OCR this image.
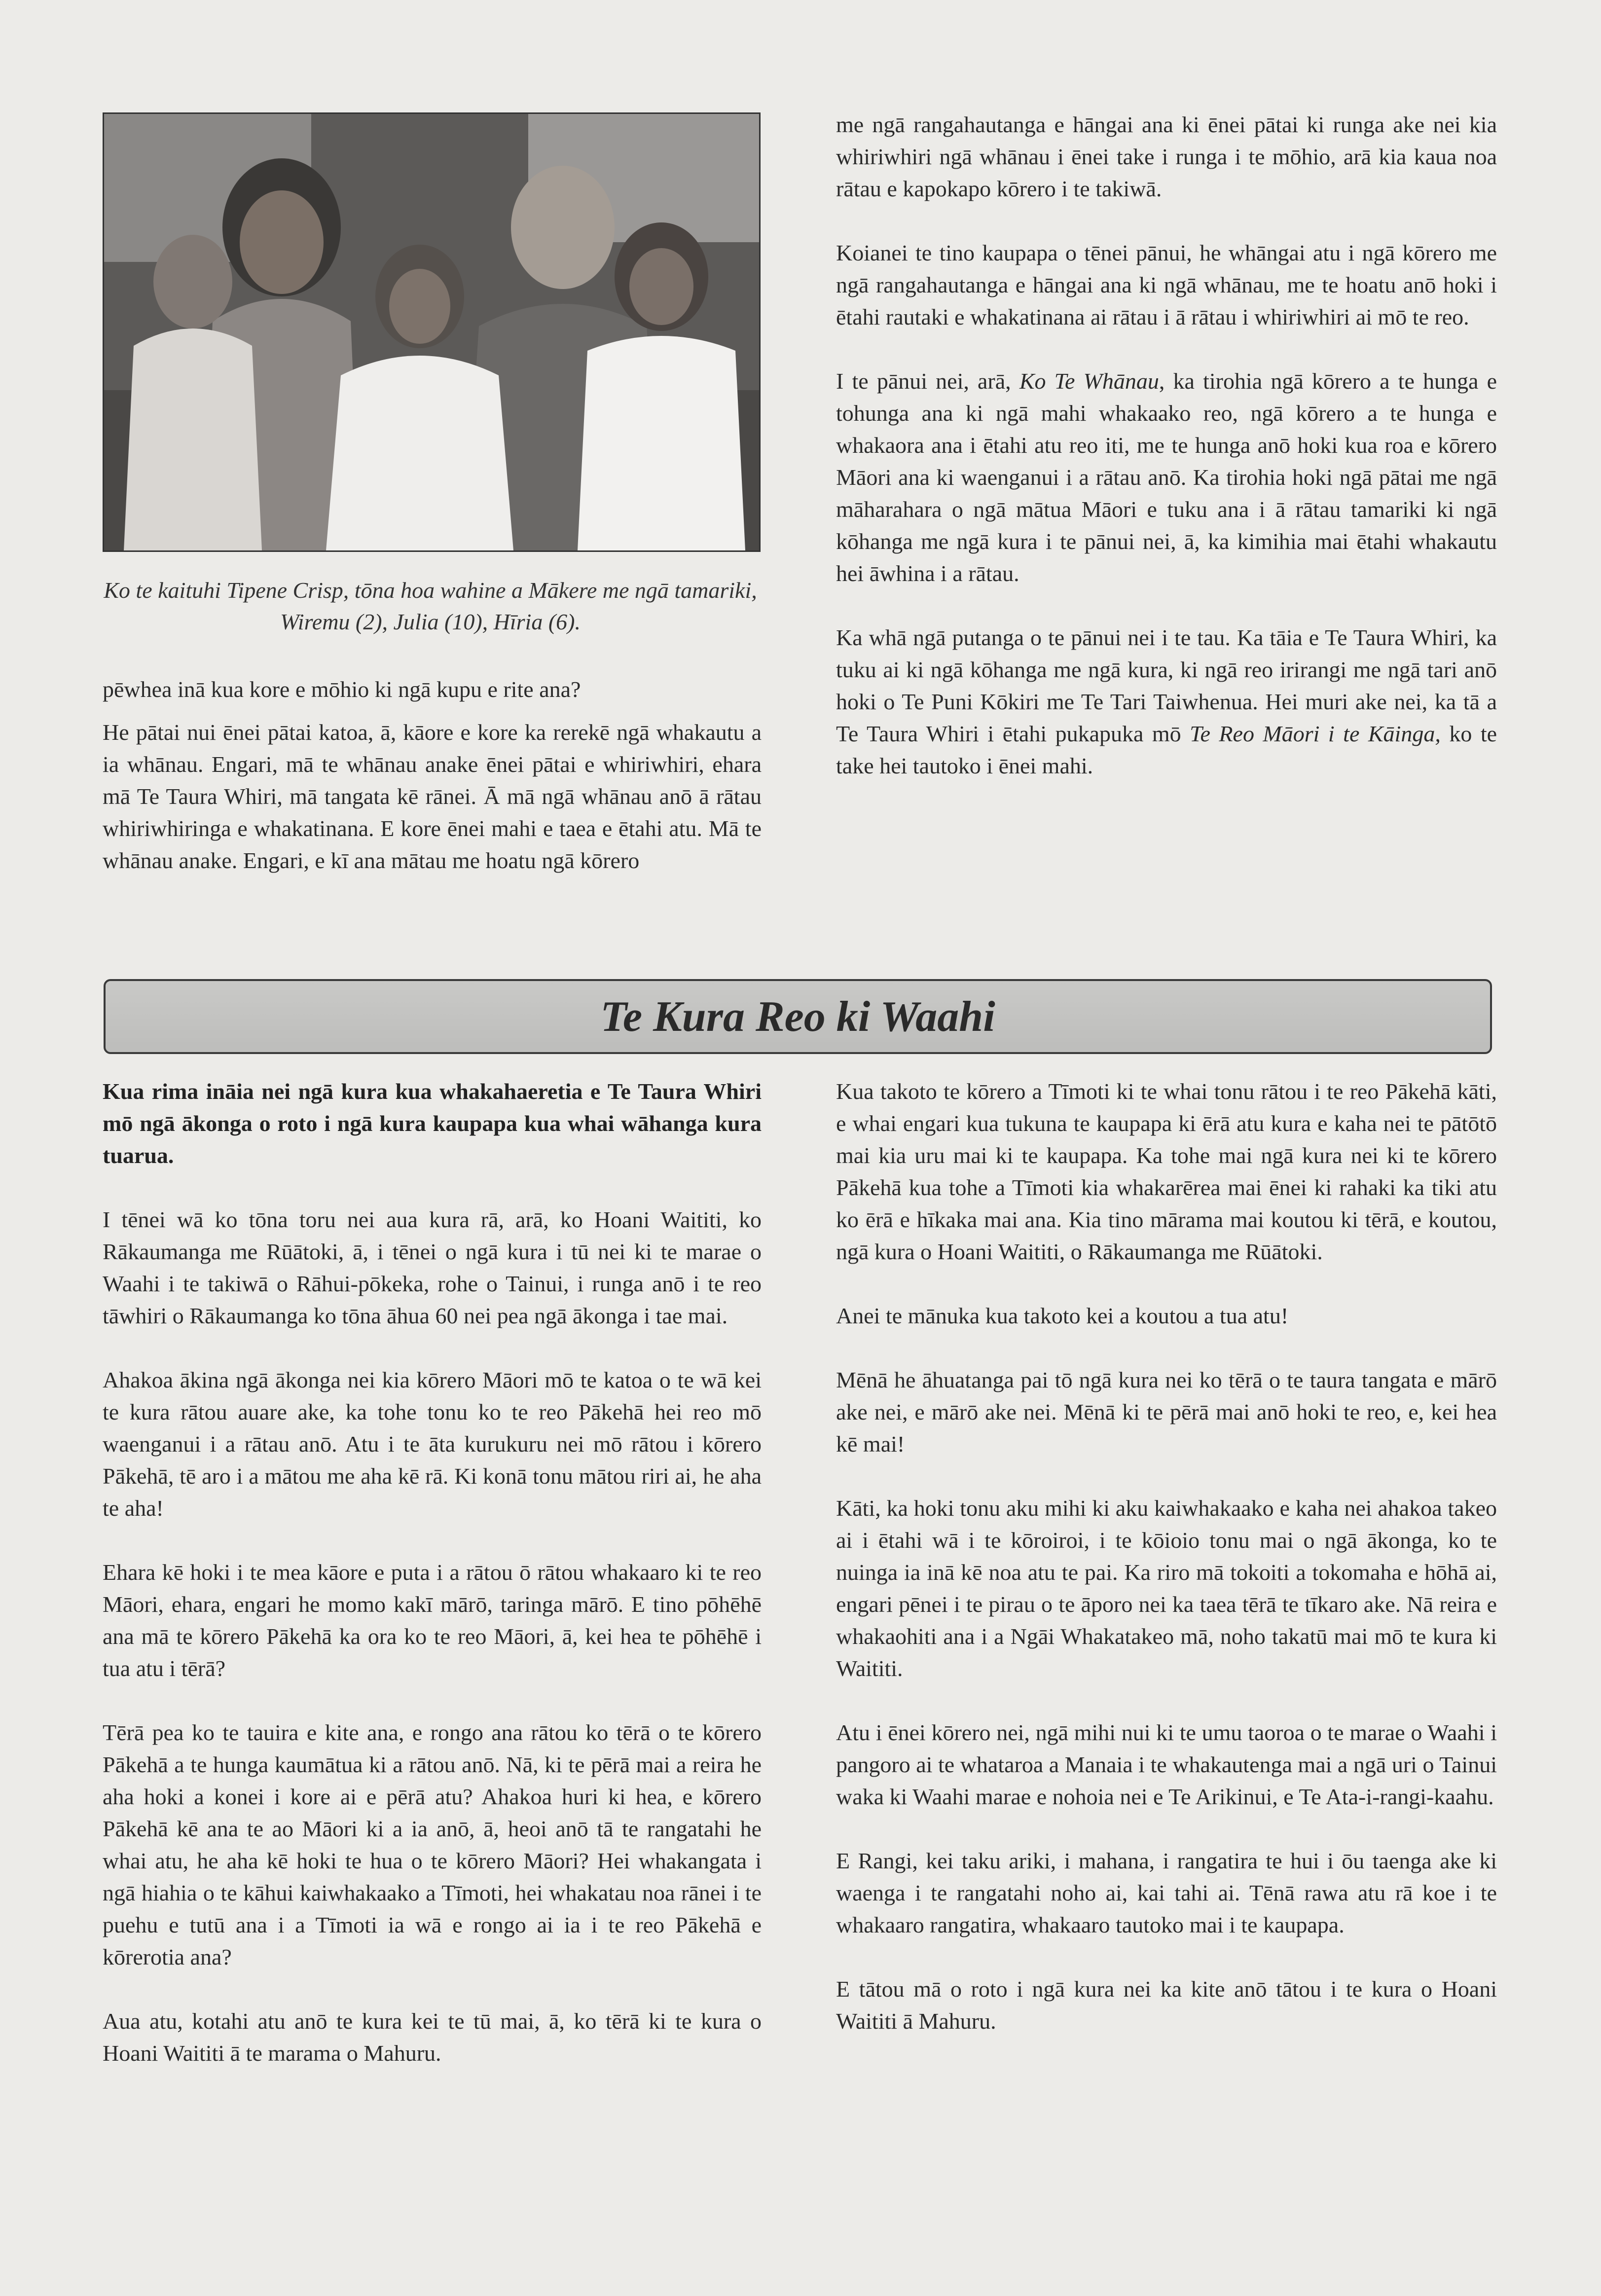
Ko te kaituhi Tipene Crisp, tōna hoa wahine a Mākere me ngā tamariki, Wiremu (2), Julia (10), Hīria (6).

pēwhea inā kua kore e mōhio ki ngā kupu e rite ana?

He pātai nui ēnei pātai katoa, ā, kāore e kore ka rerekē ngā whakautu a ia whānau. Engari, mā te whānau anake ēnei pātai e whiriwhiri, ehara mā Te Taura Whiri, mā tangata kē rānei. Ā mā ngā whānau anō ā rātau whiriwhiringa e whakatinana. E kore ēnei mahi e taea e ētahi atu. Mā te whānau anake. Engari, e kī ana mātau me hoatu ngā kōrero

me ngā rangahautanga e hāngai ana ki ēnei pātai ki runga ake nei kia whiriwhiri ngā whānau i ēnei take i runga i te mōhio, arā kia kaua noa rātau e kapokapo kōrero i te takiwā.

Koianei te tino kaupapa o tēnei pānui, he whāngai atu i ngā kōrero me ngā rangahautanga e hāngai ana ki ngā whānau, me te hoatu anō hoki i ētahi rautaki e whakatinana ai rātau i ā rātau i whiriwhiri ai mō te reo.

I te pānui nei, arā, Ko Te Whānau, ka tirohia ngā kōrero a te hunga e tohunga ana ki ngā mahi whakaako reo, ngā kōrero a te hunga e whakaora ana i ētahi atu reo iti, me te hunga anō hoki kua roa e kōrero Māori ana ki waenganui i a rātau anō. Ka tirohia hoki ngā pātai me ngā māharahara o ngā mātua Māori e tuku ana i ā rātau tamariki ki ngā kōhanga me ngā kura i te pānui nei, ā, ka kimihia mai ētahi whakautu hei āwhina i a rātau.

Ka whā ngā putanga o te pānui nei i te tau. Ka tāia e Te Taura Whiri, ka tuku ai ki ngā kōhanga me ngā kura, ki ngā reo irirangi me ngā tari anō hoki o Te Puni Kōkiri me Te Tari Taiwhenua. Hei muri ake nei, ka tā a Te Taura Whiri i ētahi pukapuka mō Te Reo Māori i te Kāinga, ko te take hei tautoko i ēnei mahi.

Te Kura Reo ki Waahi

Kua rima ināia nei ngā kura kua whakahaeretia e Te Taura Whiri mō ngā ākonga o roto i ngā kura kaupapa kua whai wāhanga kura tuarua.

I tēnei wā ko tōna toru nei aua kura rā, arā, ko Hoani Waititi, ko Rākaumanga me Rūātoki, ā, i tēnei o ngā kura i tū nei ki te marae o Waahi i te takiwā o Rāhui-pōkeka, rohe o Tainui, i runga anō i te reo tāwhiri o Rākaumanga ko tōna āhua 60 nei pea ngā ākonga i tae mai.

Ahakoa ākina ngā ākonga nei kia kōrero Māori mō te katoa o te wā kei te kura rātou auare ake, ka tohe tonu ko te reo Pākehā hei reo mō waenganui i a rātau anō. Atu i te āta kurukuru nei mō rātou i kōrero Pākehā, tē aro i a mātou me aha kē rā. Ki konā tonu mātou riri ai, he aha te aha!

Ehara kē hoki i te mea kāore e puta i a rātou ō rātou whakaaro ki te reo Māori, ehara, engari he momo kakī mārō, taringa mārō. E tino pōhēhē ana mā te kōrero Pākehā ka ora ko te reo Māori, ā, kei hea te pōhēhē i tua atu i tērā?

Tērā pea ko te tauira e kite ana, e rongo ana rātou ko tērā o te kōrero Pākehā a te hunga kaumātua ki a rātou anō. Nā, ki te pērā mai a reira he aha hoki a konei i kore ai e pērā atu? Ahakoa huri ki hea, e kōrero Pākehā kē ana te ao Māori ki a ia anō, ā, heoi anō tā te rangatahi he whai atu, he aha kē hoki te hua o te kōrero Māori? Hei whakangata i ngā hiahia o te kāhui kaiwhakaako a Tīmoti, hei whakatau noa rānei i te puehu e tutū ana i a Tīmoti ia wā e rongo ai ia i te reo Pākehā e kōrerotia ana?

Aua atu, kotahi atu anō te kura kei te tū mai, ā, ko tērā ki te kura o Hoani Waititi ā te marama o Mahuru.

Kua takoto te kōrero a Tīmoti ki te whai tonu rātou i te reo Pākehā kāti, e whai engari kua tukuna te kaupapa ki ērā atu kura e kaha nei te pātōtō mai kia uru mai ki te kaupapa. Ka tohe mai ngā kura nei ki te kōrero Pākehā kua tohe a Tīmoti kia whakarērea mai ēnei ki rahaki ka tiki atu ko ērā e hīkaka mai ana. Kia tino mārama mai koutou ki tērā, e koutou, ngā kura o Hoani Waititi, o Rākaumanga me Rūātoki.

Anei te mānuka kua takoto kei a koutou a tua atu!

Mēnā he āhuatanga pai tō ngā kura nei ko tērā o te taura tangata e mārō ake nei, e mārō ake nei. Mēnā ki te pērā mai anō hoki te reo, e, kei hea kē mai!

Kāti, ka hoki tonu aku mihi ki aku kaiwhakaako e kaha nei ahakoa takeo ai i ētahi wā i te kōroiroi, i te kōioio tonu mai o ngā ākonga, ko te nuinga ia inā kē noa atu te pai. Ka riro mā tokoiti a tokomaha e hōhā ai, engari pēnei i te pirau o te āporo nei ka taea tērā te tīkaro ake. Nā reira e whakaohiti ana i a Ngāi Whakatakeo mā, noho takatū mai mō te kura ki Waititi.

Atu i ēnei kōrero nei, ngā mihi nui ki te umu taoroa o te marae o Waahi i pangoro ai te whataroa a Manaia i te whakautenga mai a ngā uri o Tainui waka ki Waahi marae e nohoia nei e Te Arikinui, e Te Ata-i-rangi-kaahu.

E Rangi, kei taku ariki, i mahana, i rangatira te hui i ōu taenga ake ki waenga i te rangatahi noho ai, kai tahi ai. Tēnā rawa atu rā koe i te whakaaro rangatira, whakaaro tautoko mai i te kaupapa.

E tātou mā o roto i ngā kura nei ka kite anō tātou i te kura o Hoani Waititi ā Mahuru.
